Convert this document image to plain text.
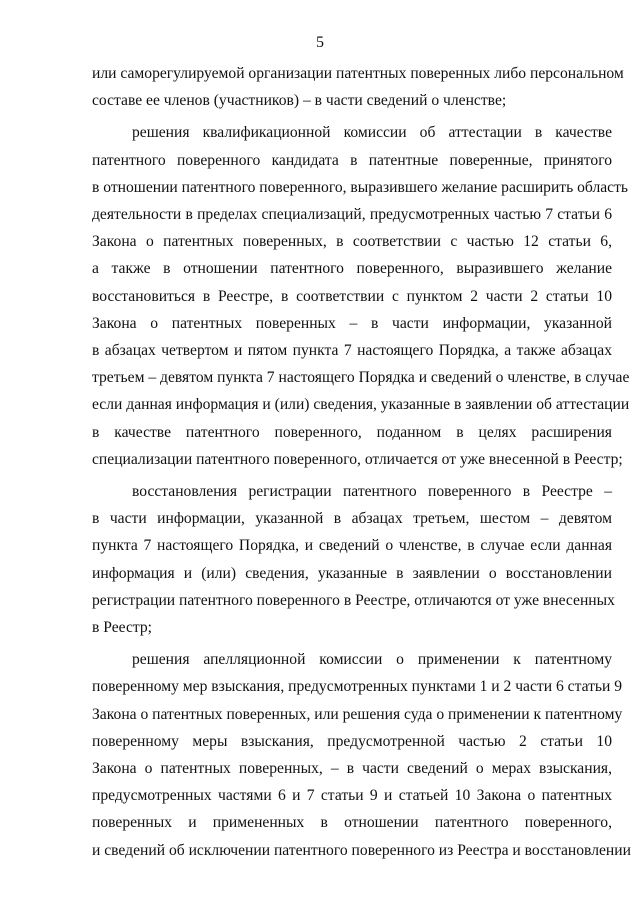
5
или саморегулируемой организации патентных поверенных либо персональном
составе ее членов (участников) – в части сведений о членстве;
решения квалификационной комиссии об аттестации в качестве
патентного поверенного кандидата в патентные поверенные, принятого
в отношении патентного поверенного, выразившего желание расширить область
деятельности в пределах специализаций, предусмотренных частью 7 статьи 6
Закона о патентных поверенных, в соответствии с частью 12 статьи 6,
а также в отношении патентного поверенного, выразившего желание
восстановиться в Реестре, в соответствии с пунктом 2 части 2 статьи 10
Закона о патентных поверенных – в части информации, указанной
в абзацах четвертом и пятом пункта 7 настоящего Порядка, а также абзацах
третьем – девятом пункта 7 настоящего Порядка и сведений о членстве, в случае
если данная информация и (или) сведения, указанные в заявлении об аттестации
в качестве патентного поверенного, поданном в целях расширения
специализации патентного поверенного, отличается от уже внесенной в Реестр;
восстановления регистрации патентного поверенного в Реестре –
в части информации, указанной в абзацах третьем, шестом – девятом
пункта 7 настоящего Порядка, и сведений о членстве, в случае если данная
информация и (или) сведения, указанные в заявлении о восстановлении
регистрации патентного поверенного в Реестре, отличаются от уже внесенных
в Реестр;
решения апелляционной комиссии о применении к патентному
поверенному мер взыскания, предусмотренных пунктами 1 и 2 части 6 статьи 9
Закона о патентных поверенных, или решения суда о применении к патентному
поверенному меры взыскания, предусмотренной частью 2 статьи 10
Закона о патентных поверенных, – в части сведений о мерах взыскания,
предусмотренных частями 6 и 7 статьи 9 и статьей 10 Закона о патентных
поверенных и примененных в отношении патентного поверенного,
и сведений об исключении патентного поверенного из Реестра и восстановлении
